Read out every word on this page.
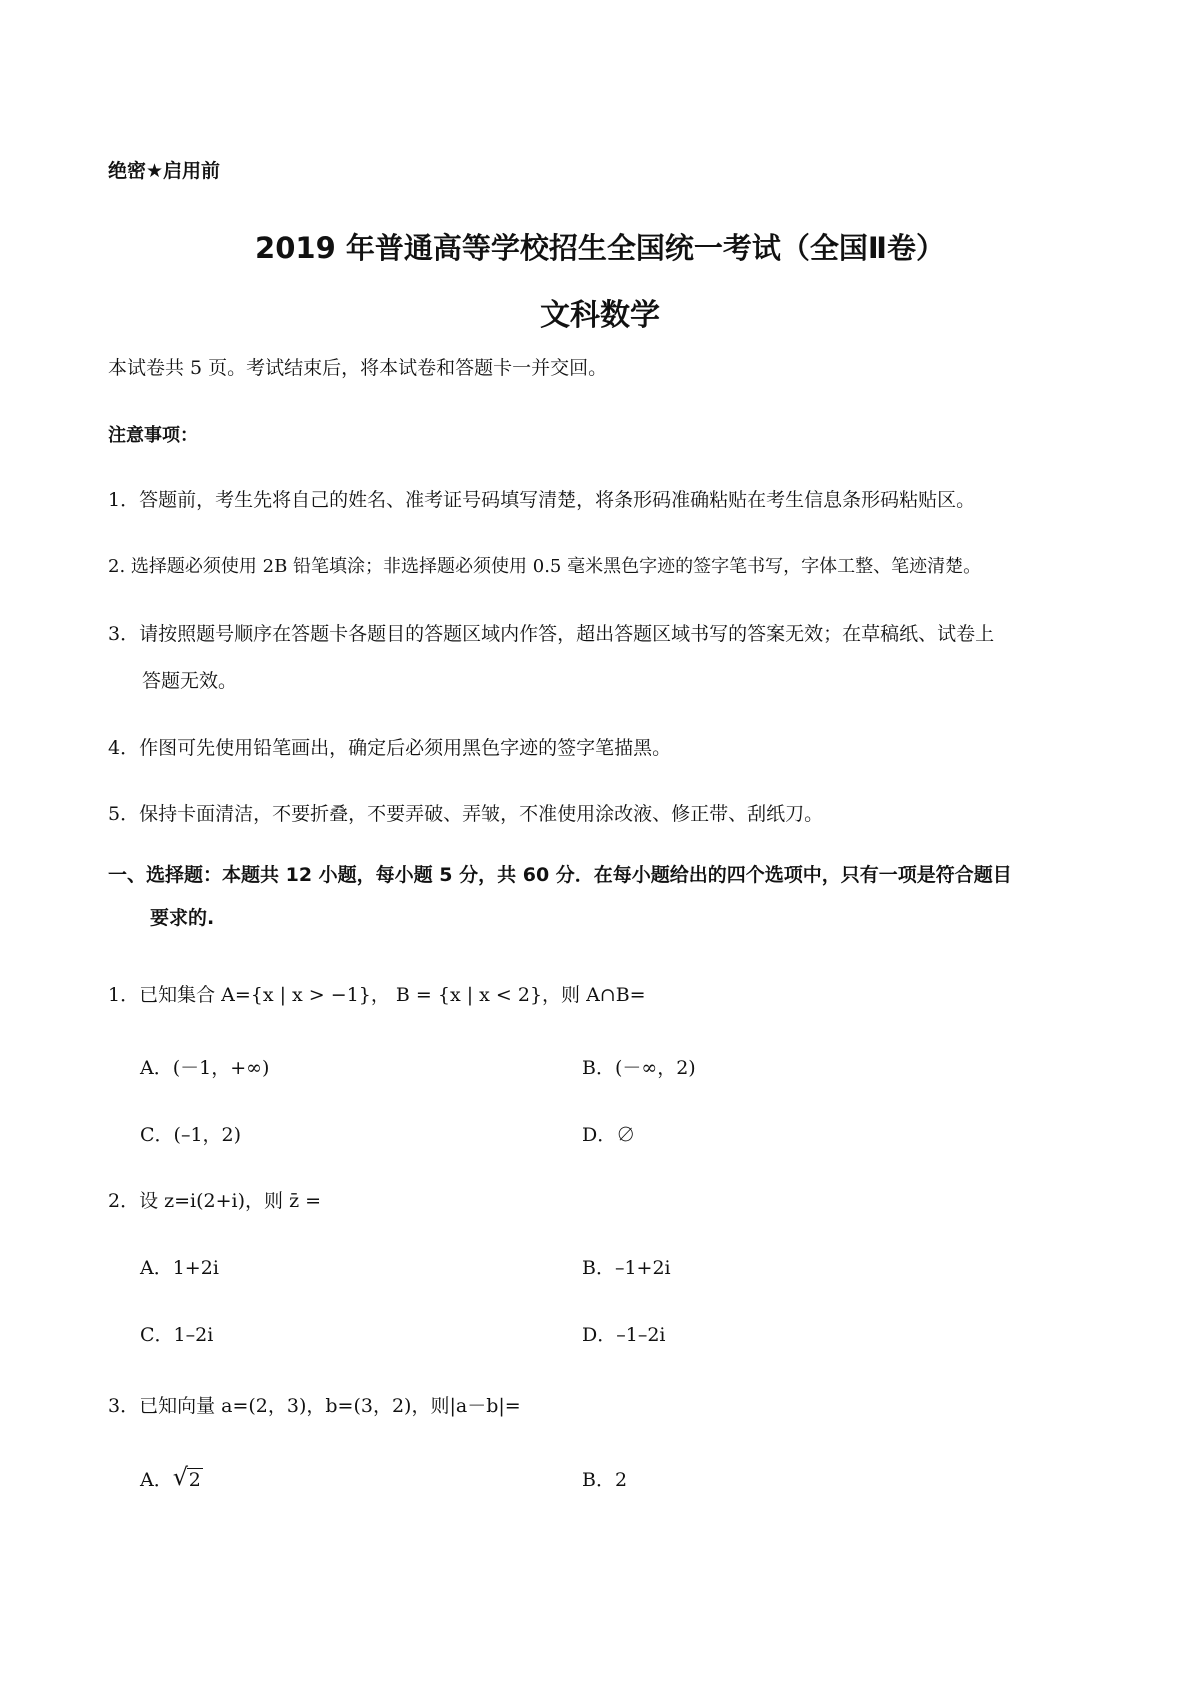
绝密★启用前
2019 年普通高等学校招生全国统一考试（全国Ⅱ卷）
文科数学
本试卷共 5 页。考试结束后，将本试卷和答题卡一并交回。
注意事项：
1．答题前，考生先将自己的姓名、准考证号码填写清楚，将条形码准确粘贴在考生信息条形码粘贴区。
2. 选择题必须使用 2B 铅笔填涂；非选择题必须使用 0.5 毫米黑色字迹的签字笔书写，字体工整、笔迹清楚。
3．请按照题号顺序在答题卡各题目的答题区域内作答，超出答题区域书写的答案无效；在草稿纸、试卷上
答题无效。
4．作图可先使用铅笔画出，确定后必须用黑色字迹的签字笔描黑。
5．保持卡面清洁，不要折叠，不要弄破、弄皱，不准使用涂改液、修正带、刮纸刀。
一、选择题：本题共 12 小题，每小题 5 分，共 60 分．在每小题给出的四个选项中，只有一项是符合题目
要求的.
1．已知集合 A={x | x > −1}， B = {x | x < 2}，则 A∩B=
A．(－1，+∞)	B．(－∞，2)
C．(–1，2)	D．∅
2．设 z=i(2+i)，则 z̄ =
A．1+2i	B．–1+2i
C．1–2i	D．–1–2i
3．已知向量 a=(2，3)，b=(3，2)，则|a－b|=
A． √ 2	B．2
